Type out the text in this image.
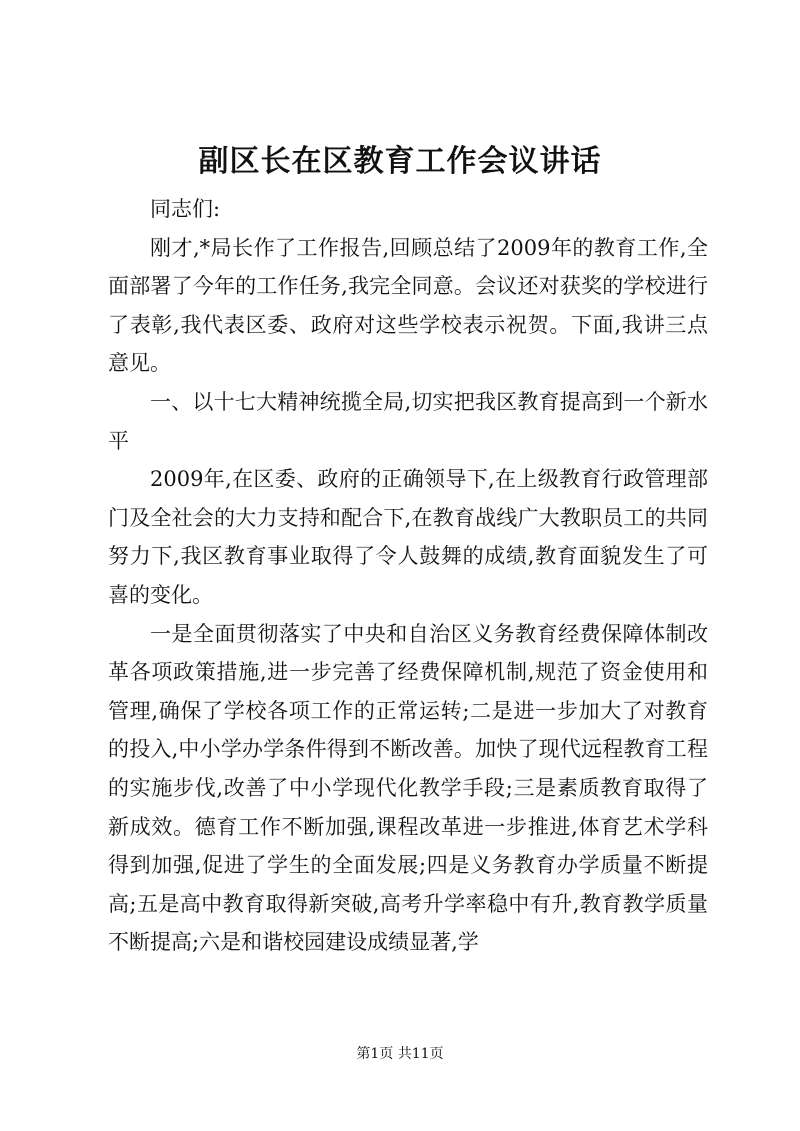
副区长在区教育工作会议讲话

同志们:

刚才,*局长作了工作报告,回顾总结了2009年的教育工作,全面部署了今年的工作任务,我完全同意。会议还对获奖的学校进行了表彰,我代表区委、政府对这些学校表示祝贺。下面,我讲三点意见。

一、以十七大精神统揽全局,切实把我区教育提高到一个新水平

2009年,在区委、政府的正确领导下,在上级教育行政管理部门及全社会的大力支持和配合下,在教育战线广大教职员工的共同努力下,我区教育事业取得了令人鼓舞的成绩,教育面貌发生了可喜的变化。

一是全面贯彻落实了中央和自治区义务教育经费保障体制改革各项政策措施,进一步完善了经费保障机制,规范了资金使用和管理,确保了学校各项工作的正常运转;二是进一步加大了对教育的投入,中小学办学条件得到不断改善。加快了现代远程教育工程的实施步伐,改善了中小学现代化教学手段;三是素质教育取得了新成效。德育工作不断加强,课程改革进一步推进,体育艺术学科得到加强,促进了学生的全面发展;四是义务教育办学质量不断提高;五是高中教育取得新突破,高考升学率稳中有升,教育教学质量不断提高;六是和谐校园建设成绩显著,学

第1页 共11页
